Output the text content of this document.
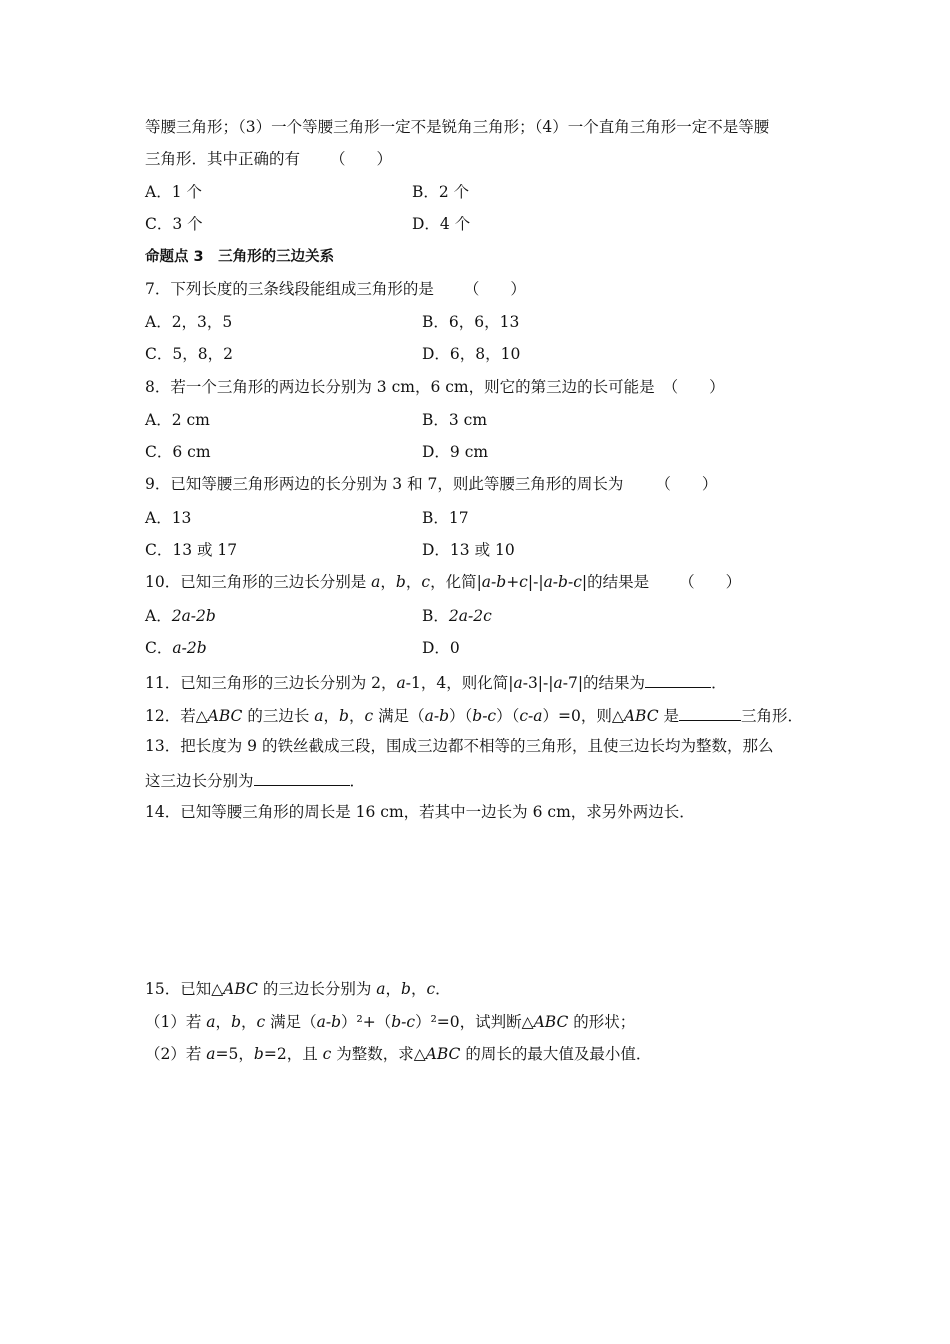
等腰三角形；（3）一个等腰三角形一定不是锐角三角形；（4）一个直角三角形一定不是等腰
三角形．其中正确的有 （　　）
A．1 个	B．2 个
C．3 个	D．4 个
命题点 3　三角形的三边关系
7．下列长度的三条线段能组成三角形的是 （　　）
A．2，3，5	B．6，6，13
C．5，8，2	D．6，8，10
8．若一个三角形的两边长分别为 3 cm，6 cm，则它的第三边的长可能是 （　　）
A．2 cm	B．3 cm
C．6 cm	D．9 cm
9．已知等腰三角形两边的长分别为 3 和 7，则此等腰三角形的周长为 （　　）
A．13	B．17
C．13 或 17	D．13 或 10
10．已知三角形的三边长分别是 a，b，c，化简|a-b+c|-|a-b-c|的结果是 （　　）
A．2a-2b	B．2a-2c
C．a-2b	D．0
11．已知三角形的三边长分别为 2，a-1，4，则化简|a-3|-|a-7|的结果为	．
12．若△ABC 的三边长 a，b，c 满足（a-b）（b-c）（c-a）=0，则△ABC 是	三角形．
13．把长度为 9 的铁丝截成三段，围成三边都不相等的三角形，且使三边长均为整数，那么
这三边长分别为	．
14．已知等腰三角形的周长是 16 cm，若其中一边长为 6 cm，求另外两边长．
15．已知△ABC 的三边长分别为 a，b，c．
（1）若 a，b，c 满足（a-b）²+（b-c）²=0，试判断△ABC 的形状；
（2）若 a=5，b=2，且 c 为整数，求△ABC 的周长的最大值及最小值．
